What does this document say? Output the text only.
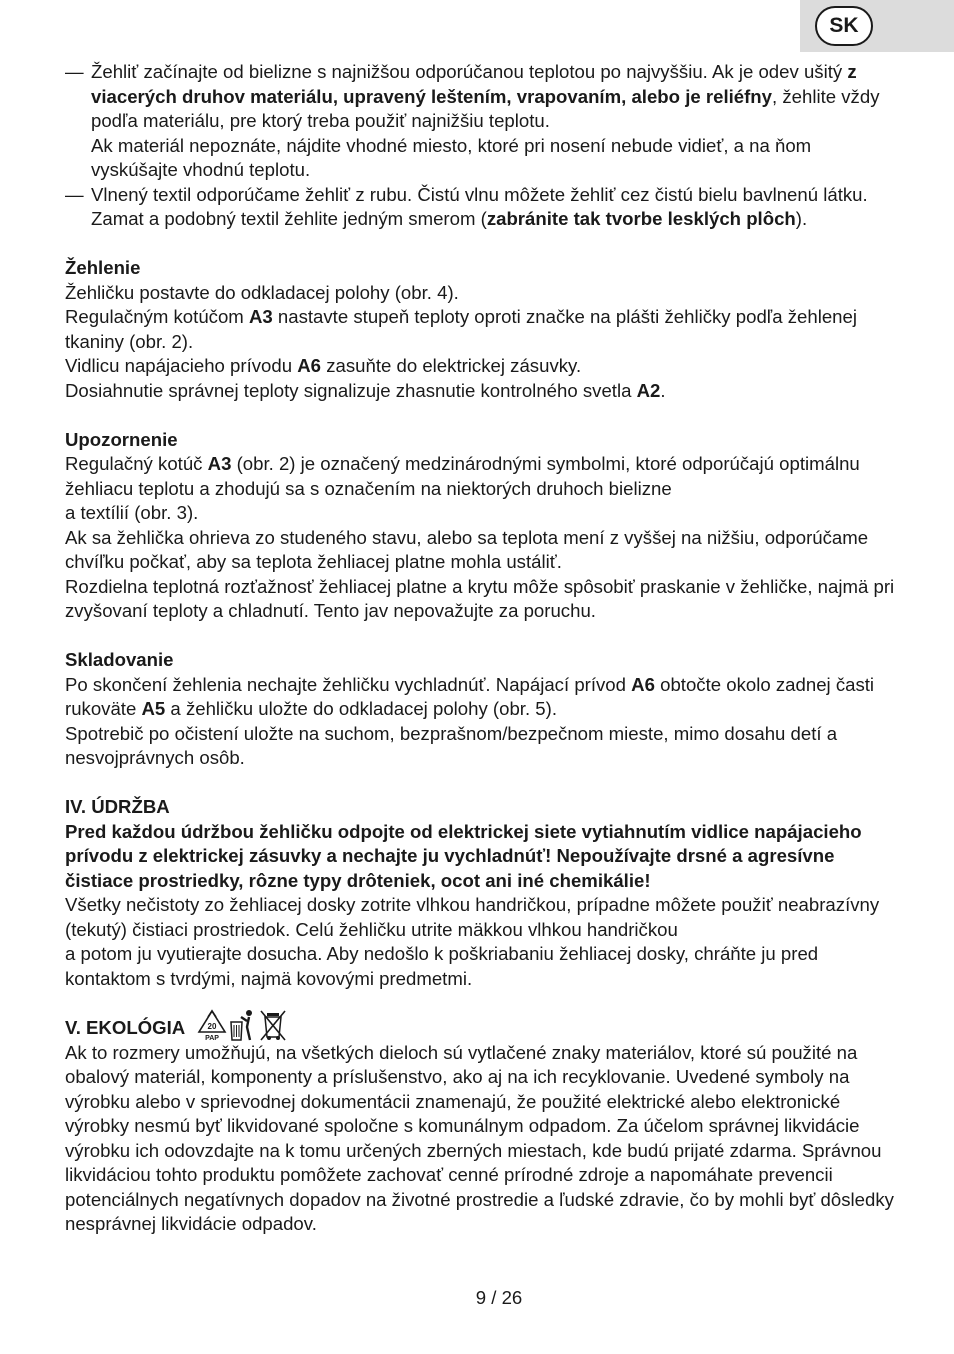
SK

— Žehliť začínajte od bielizne s najnižšou odporúčanou teplotou po najvyššiu. Ak je odev ušitý z viacerých druhov materiálu, upravený leštením, vrapovaním, alebo je reliéfny, žehlite vždy podľa materiálu, pre ktorý treba použiť najnižšiu teplotu.
Ak materiál nepoznáte, nájdite vhodné miesto, ktoré pri nosení nebude vidieť, a na ňom vyskúšajte vhodnú teplotu.

— Vlnený textil odporúčame žehliť z rubu. Čistú vlnu môžete žehliť cez čistú bielu bavlnenú látku. Zamat a podobný textil žehlite jedným smerom (zabránite tak tvorbe lesklých plôch).

Žehlenie

Žehličku postavte do odkladacej polohy (obr. 4).

Regulačným kotúčom A3 nastavte stupeň teploty oproti značke na plášti žehličky podľa žehlenej tkaniny (obr. 2).

Vidlicu napájacieho prívodu A6 zasuňte do elektrickej zásuvky.

Dosiahnutie správnej teploty signalizuje zhasnutie kontrolného svetla A2.

Upozornenie

Regulačný kotúč A3 (obr. 2) je označený medzinárodnými symbolmi, ktoré odporúčajú optimálnu žehliacu teplotu a zhodujú sa s označením na niektorých druhoch bielizne
a textílií (obr. 3).

Ak sa žehlička ohrieva zo studeného stavu, alebo sa teplota mení z vyššej na nižšiu, odporúčame chvíľku počkať, aby sa teplota žehliacej platne mohla ustáliť.

Rozdielna teplotná rozťažnosť žehliacej platne a krytu môže spôsobiť praskanie v žehličke, najmä pri zvyšovaní teploty a chladnutí. Tento jav nepovažujte za poruchu.

Skladovanie

Po skončení žehlenia nechajte žehličku vychladnúť. Napájací prívod A6 obtočte okolo zadnej časti rukoväte A5 a žehličku uložte do odkladacej polohy (obr. 5).

Spotrebič po očistení uložte na suchom, bezprašnom/bezpečnom mieste, mimo dosahu detí a nesvojprávnych osôb.

IV. ÚDRŽBA

Pred každou údržbou žehličku odpojte od elektrickej siete vytiahnutím vidlice napájacieho prívodu z elektrickej zásuvky a nechajte ju vychladnúť! Nepoužívajte drsné a agresívne čistiace prostriedky, rôzne typy drôteniek, ocot ani iné chemikálie!

Všetky nečistoty zo žehliacej dosky zotrite vlhkou handričkou, prípadne môžete použiť neabrazívny (tekutý) čistiaci prostriedok. Celú žehličku utrite mäkkou vlhkou handričkou
a potom ju vyutierajte dosucha. Aby nedošlo k poškriabaniu žehliacej dosky, chráňte ju pred kontaktom s tvrdými, najmä kovovými predmetmi.

V. EKOLÓGIA	20
PAP

Ak to rozmery umožňujú, na všetkých dieloch sú vytlačené znaky materiálov, ktoré sú použité na obalový materiál, komponenty a príslušenstvo, ako aj na ich recyklovanie. Uvedené symboly na výrobku alebo v sprievodnej dokumentácii znamenajú, že použité elektrické alebo elektronické výrobky nesmú byť likvidované spoločne s komunálnym odpadom. Za účelom správnej likvidácie výrobku ich odovzdajte na k tomu určených zberných miestach, kde budú prijaté zdarma. Správnou likvidáciou tohto produktu pomôžete zachovať cenné prírodné zdroje a napomáhate prevencii potenciálnych negatívnych dopadov na životné prostredie a ľudské zdravie, čo by mohli byť dôsledky nesprávnej likvidácie odpadov.

9 / 26
